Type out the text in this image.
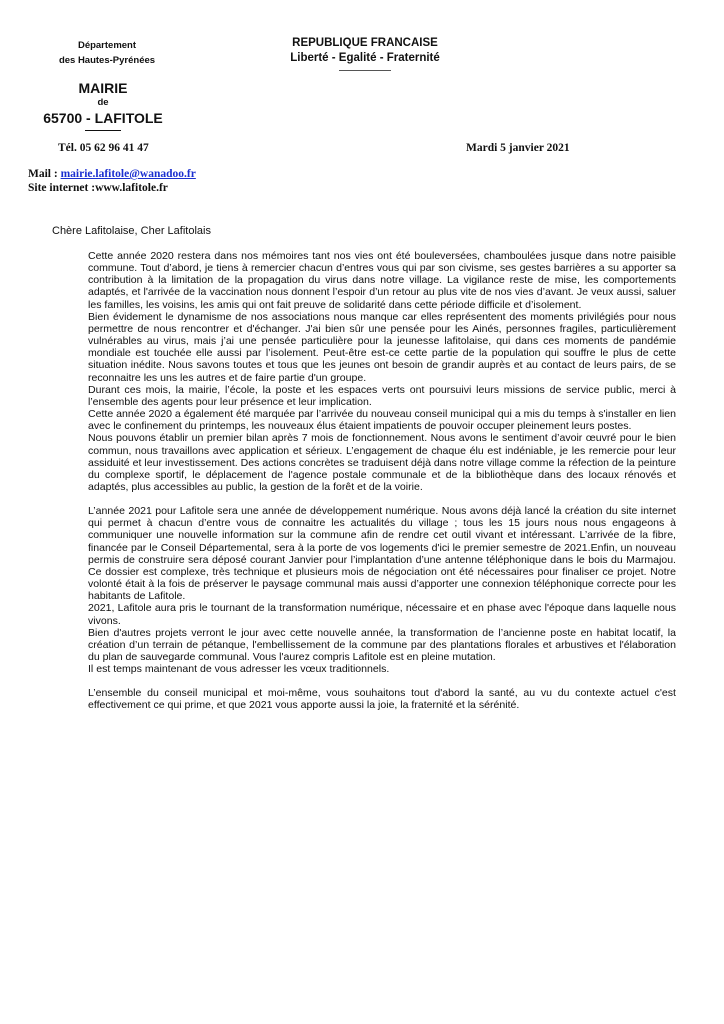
Département
des Hautes-Pyrénées
MAIRIE
de
65700 - LAFITOLE
REPUBLIQUE FRANCAISE
Liberté - Egalité - Fraternité
Tél. 05 62 96 41 47	Mardi 5 janvier 2021
Mail : mairie.lafitole@wanadoo.fr
Site internet :www.lafitole.fr
Chère Lafitolaise, Cher Lafitolais

Cette année 2020 restera dans nos mémoires tant nos vies ont été bouleversées, chamboulées jusque dans notre paisible commune. Tout d’abord, je tiens à remercier chacun d’entres vous qui par son civisme, ses gestes barrières a su apporter sa contribution à la limitation de la propagation du virus dans notre village. La vigilance reste de mise, les comportements adaptés, et l'arrivée de la vaccination nous donnent l’espoir d’un retour au plus vite de nos vies d’avant. Je veux aussi, saluer les familles, les voisins, les amis qui ont fait preuve de solidarité dans cette période difficile et d’isolement.

Bien évidement le dynamisme de nos associations nous manque car elles représentent des moments privilégiés pour nous permettre de nous rencontrer et d'échanger. J'ai bien sûr une pensée pour les Ainés, personnes fragiles, particulièrement vulnérables au virus, mais j’ai une pensée particulière pour la jeunesse lafitolaise, qui dans ces moments de pandémie mondiale est touchée elle aussi par l’isolement. Peut-être est-ce cette partie de la population qui souffre le plus de cette situation inédite. Nous savons toutes et tous que les jeunes ont besoin de grandir auprès et au contact de leurs pairs, de se reconnaitre les uns les autres et de faire partie d'un groupe.

Durant ces mois, la mairie, l’école, la poste et les espaces verts ont poursuivi leurs missions de service public, merci à l’ensemble des agents pour leur présence et leur implication.

Cette année 2020 a également été marquée par l’arrivée du nouveau conseil municipal qui a mis du temps à s'installer en lien avec le confinement du printemps, les nouveaux élus étaient impatients de pouvoir occuper pleinement leurs postes.

Nous pouvons établir un premier bilan après 7 mois de fonctionnement. Nous avons le sentiment d’avoir œuvré pour le bien commun, nous travaillons avec application et sérieux. L’engagement de chaque élu est indéniable, je les remercie pour leur assiduité et leur investissement. Des actions concrètes se traduisent déjà dans notre village comme la réfection de la peinture du complexe sportif, le déplacement de l'agence postale communale et de la bibliothèque dans des locaux rénovés et adaptés, plus accessibles au public, la gestion de la forêt et de la voirie.

L’année 2021 pour Lafitole sera une année de développement numérique. Nous avons déjà lancé la création du site internet qui permet à chacun d’entre vous de connaitre les actualités du village ; tous les 15 jours nous nous engageons à communiquer une nouvelle information sur la commune afin de rendre cet outil vivant et intéressant. L’arrivée de la fibre, financée par le Conseil Départemental, sera à la porte de vos logements d'ici le premier semestre de 2021.Enfin, un nouveau permis de construire sera déposé courant Janvier pour l’implantation d’une antenne téléphonique dans le bois du Marmajou. Ce dossier est complexe, très technique et plusieurs mois de négociation ont été nécessaires pour finaliser ce projet. Notre volonté était à la fois de préserver le paysage communal mais aussi d’apporter une connexion téléphonique correcte pour les habitants de Lafitole.

2021, Lafitole aura pris le tournant de la transformation numérique, nécessaire et en phase avec l'époque dans laquelle nous vivons.

Bien d'autres projets verront le jour avec cette nouvelle année, la transformation de l’ancienne poste en habitat locatif, la création d’un terrain de pétanque, l'embellissement de la commune par des plantations florales et arbustives et l'élaboration du plan de sauvegarde communal. Vous l'aurez compris Lafitole est en pleine mutation.

Il est temps maintenant de vous adresser les vœux traditionnels.

L’ensemble du conseil municipal et moi-même, vous souhaitons tout d'abord la santé, au vu du contexte actuel c'est effectivement ce qui prime, et que 2021 vous apporte aussi la joie, la fraternité et la sérénité.
